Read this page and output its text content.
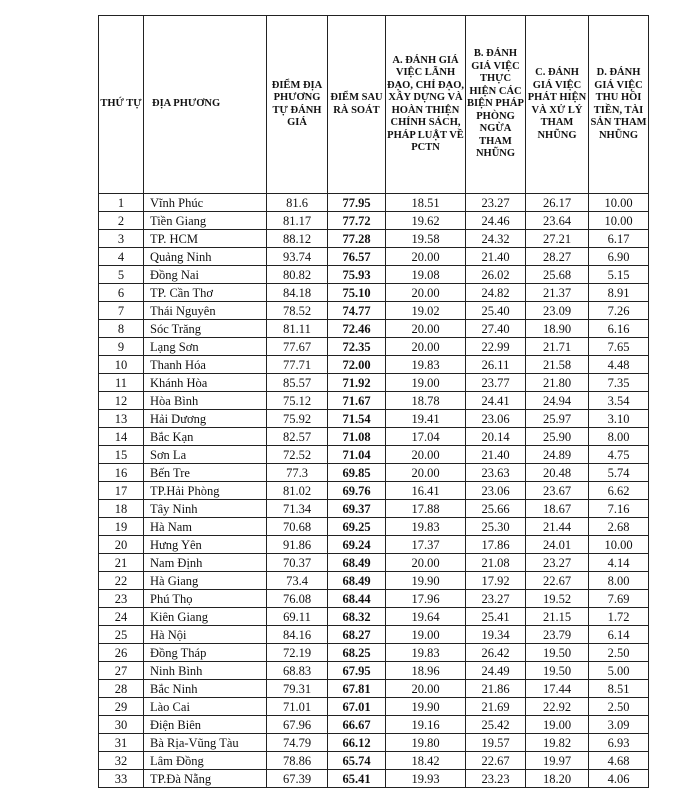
THỨ TỰ	ĐỊA PHƯƠNG	ĐIỂM ĐỊA PHƯƠNG TỰ ĐÁNH GIÁ	ĐIỂM SAU RÀ SOÁT	A. ĐÁNH GIÁ VIỆC LÃNH ĐẠO, CHỈ ĐẠO, XÂY DỰNG VÀ HOÀN THIỆN CHÍNH SÁCH, PHÁP LUẬT VỀ PCTN	B. ĐÁNH GIÁ VIỆC THỰC HIỆN CÁC BIỆN PHÁP PHÒNG NGỪA THAM NHŨNG	C. ĐÁNH GIÁ VIỆC PHÁT HIỆN VÀ XỬ LÝ THAM NHŨNG	D. ĐÁNH GIÁ VIỆC THU HỒI TIỀN, TÀI SẢN THAM NHŨNG
1	Vĩnh Phúc	81.6	77.95	18.51	23.27	26.17	10.00
2	Tiền Giang	81.17	77.72	19.62	24.46	23.64	10.00
3	TP. HCM	88.12	77.28	19.58	24.32	27.21	6.17
4	Quảng Ninh	93.74	76.57	20.00	21.40	28.27	6.90
5	Đồng Nai	80.82	75.93	19.08	26.02	25.68	5.15
6	TP. Cần Thơ	84.18	75.10	20.00	24.82	21.37	8.91
7	Thái Nguyên	78.52	74.77	19.02	25.40	23.09	7.26
8	Sóc Trăng	81.11	72.46	20.00	27.40	18.90	6.16
9	Lạng Sơn	77.67	72.35	20.00	22.99	21.71	7.65
10	Thanh Hóa	77.71	72.00	19.83	26.11	21.58	4.48
11	Khánh Hòa	85.57	71.92	19.00	23.77	21.80	7.35
12	Hòa Bình	75.12	71.67	18.78	24.41	24.94	3.54
13	Hải Dương	75.92	71.54	19.41	23.06	25.97	3.10
14	Bắc Kạn	82.57	71.08	17.04	20.14	25.90	8.00
15	Sơn La	72.52	71.04	20.00	21.40	24.89	4.75
16	Bến Tre	77.3	69.85	20.00	23.63	20.48	5.74
17	TP.Hải Phòng	81.02	69.76	16.41	23.06	23.67	6.62
18	Tây Ninh	71.34	69.37	17.88	25.66	18.67	7.16
19	Hà Nam	70.68	69.25	19.83	25.30	21.44	2.68
20	Hưng Yên	91.86	69.24	17.37	17.86	24.01	10.00
21	Nam Định	70.37	68.49	20.00	21.08	23.27	4.14
22	Hà Giang	73.4	68.49	19.90	17.92	22.67	8.00
23	Phú Thọ	76.08	68.44	17.96	23.27	19.52	7.69
24	Kiên Giang	69.11	68.32	19.64	25.41	21.15	1.72
25	Hà Nội	84.16	68.27	19.00	19.34	23.79	6.14
26	Đồng Tháp	72.19	68.25	19.83	26.42	19.50	2.50
27	Ninh Bình	68.83	67.95	18.96	24.49	19.50	5.00
28	Bắc Ninh	79.31	67.81	20.00	21.86	17.44	8.51
29	Lào Cai	71.01	67.01	19.90	21.69	22.92	2.50
30	Điện Biên	67.96	66.67	19.16	25.42	19.00	3.09
31	Bà Rịa-Vũng Tàu	74.79	66.12	19.80	19.57	19.82	6.93
32	Lâm Đồng	78.86	65.74	18.42	22.67	19.97	4.68
33	TP.Đà Nẵng	67.39	65.41	19.93	23.23	18.20	4.06
